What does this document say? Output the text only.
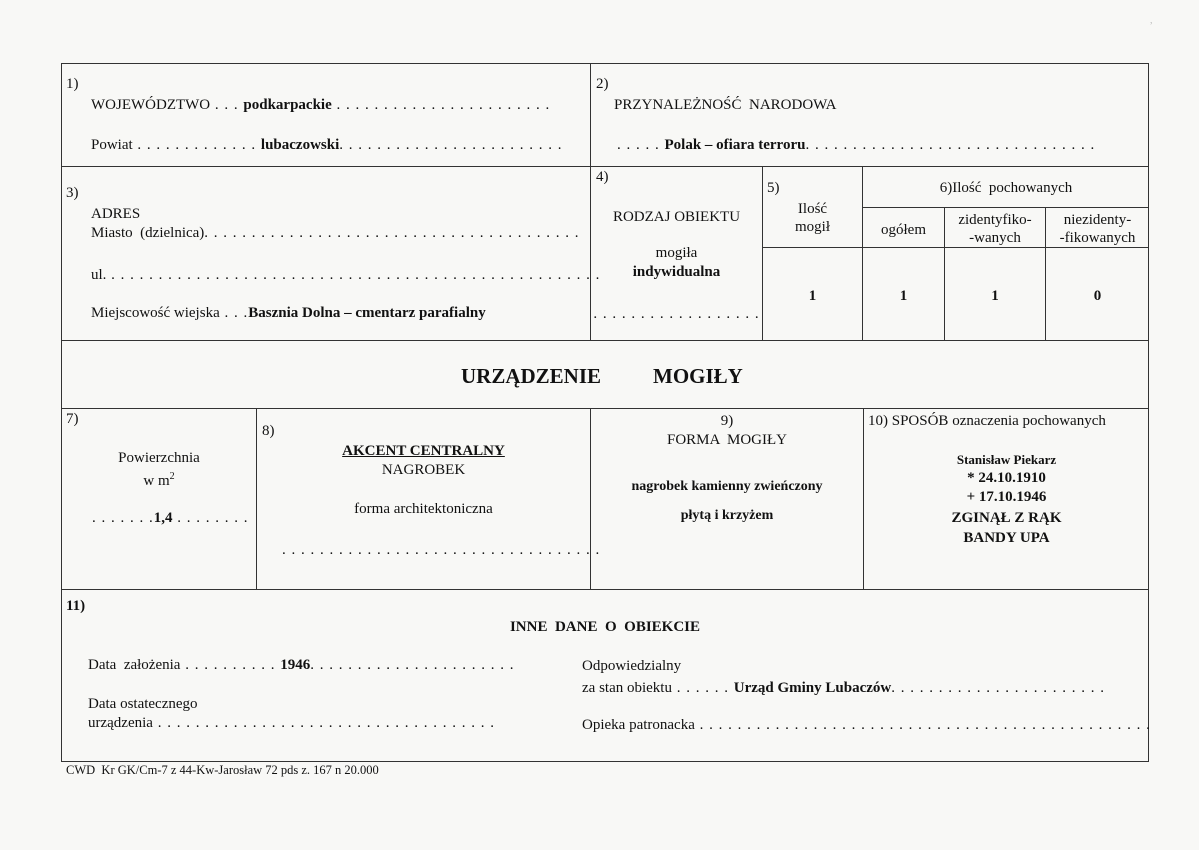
,
1)
WOJEWÓDZTWO . . . podkarpackie . . . . . . . . . . . . . . . . . . . . . . .
Powiat . . . . . . . . . . . . . lubaczowski. . . . . . . . . . . . . . . . . . . . . . . .
2)
PRZYNALEŻNOŚĆ  NARODOWA
. . . . . Polak – ofiara terroru. . . . . . . . . . . . . . . . . . . . . . . . . . . . . . .
3)
ADRES
Miasto  (dzielnica). . . . . . . . . . . . . . . . . . . . . . . . . . . . . . . . . . . . . . . .
ul. . . . . . . . . . . . . . . . . . . . . . . . . . . . . . . . . . . . . . . . . . . . . . . . . . . . .
Miejscowość wiejska . . .Basznia Dolna – cmentarz parafialny
4)
RODZAJ OBIEKTU
mogiła
indywidualna
. . . . . . . . . . . . . . . . . .
5)
Ilość
mogił
1
6)Ilość  pochowanych
ogółem
zidentyfiko-
-wanych
niezidenty-
-fikowanych
1	1	0
URZĄDZENIE MOGIŁY
7)
Powierzchnia
w $m^2$
. . . . . . .1,4 . . . . . . . .
8)
AKCENT CENTRALNY
NAGROBEK
forma architektoniczna
. . . . . . . . . . . . . . . . . . . . . . . . . . . . . . . . . .
9)
FORMA  MOGIŁY
nagrobek kamienny zwieńczony
płytą i krzyżem
10) SPOSÓB oznaczenia pochowanych
Stanisław Piekarz
* 24.10.1910
+ 17.10.1946
ZGINĄŁ Z RĄK
BANDY UPA
11)
INNE  DANE  O  OBIEKCIE
Data  założenia . . . . . . . . . . 1946. . . . . . . . . . . . . . . . . . . . . .
Data ostatecznego
urządzenia . . . . . . . . . . . . . . . . . . . . . . . . . . . . . . . . . . . .
Odpowiedzialny
za stan obiektu . . . . . . Urząd Gminy Lubaczów. . . . . . . . . . . . . . . . . . . . . . .
Opieka patronacka . . . . . . . . . . . . . . . . . . . . . . . . . . . . . . . . . . . . . . . . . . . . . . . .
CWD  Kr GK/Cm-7 z 44-Kw-Jarosław 72 pds z. 167 n 20.000
